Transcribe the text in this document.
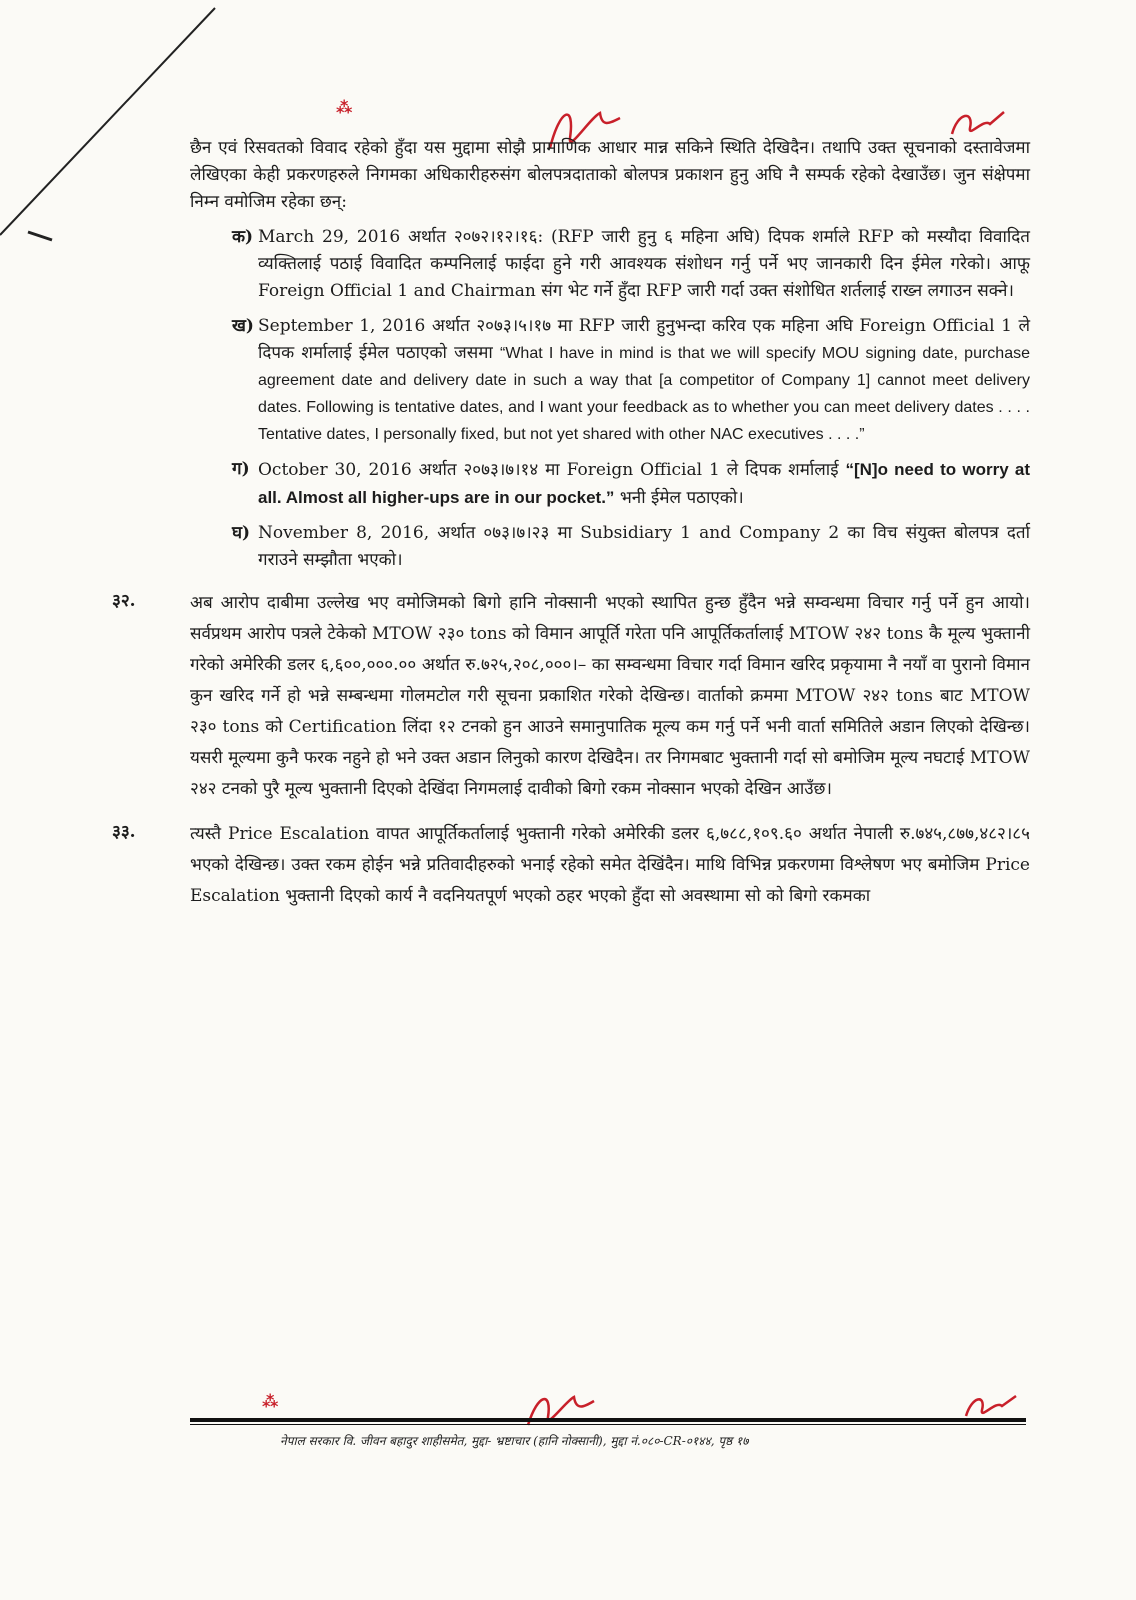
⁂

छैन एवं रिसवतको विवाद रहेको हुँदा यस मुद्दामा सोझै प्रामाणिक आधार मान्न सकिने स्थिति देखिदैन। तथापि उक्त सूचनाको दस्तावेजमा लेखिएका केही प्रकरणहरुले निगमका अधिकारीहरुसंग बोलपत्रदाताको बोलपत्र प्रकाशन हुनु अघि नै सम्पर्क रहेको देखाउँछ। जुन संक्षेपमा निम्न वमोजिम रहेका छन्:

क) March 29, 2016 अर्थात २०७२।१२।१६: (RFP जारी हुनु ६ महिना अघि) दिपक शर्माले RFP को मस्यौदा विवादित व्यक्तिलाई पठाई विवादित कम्पनिलाई फाईदा हुने गरी आवश्यक संशोधन गर्नु पर्ने भए जानकारी दिन ईमेल गरेको। आफू Foreign Official 1 and Chairman संग भेट गर्ने हुँदा RFP जारी गर्दा उक्त संशोधित शर्तलाई राख्न लगाउन सक्ने।
ख) September 1, 2016 अर्थात २०७३।५।१७ मा RFP जारी हुनुभन्दा करिव एक महिना अघि Foreign Official 1 ले दिपक शर्मालाई ईमेल पठाएको जसमा “What I have in mind is that we will specify MOU signing date, purchase agreement date and delivery date in such a way that [a competitor of Company 1] cannot meet delivery dates. Following is tentative dates, and I want your feedback as to whether you can meet delivery dates . . . . Tentative dates, I personally fixed, but not yet shared with other NAC executives . . . .”
ग) October 30, 2016 अर्थात २०७३।७।१४ मा Foreign Official 1 ले दिपक शर्मालाई “[N]o need to worry at all. Almost all higher-ups are in our pocket.” भनी ईमेल पठाएको।
घ) November 8, 2016, अर्थात ०७३।७।२३ मा Subsidiary 1 and Company 2 का विच संयुक्त बोलपत्र दर्ता गराउने सम्झौता भएको।
३२.	अब आरोप दाबीमा उल्लेख भए वमोजिमको बिगो हानि नोक्सानी भएको स्थापित हुन्छ हुँदैन भन्ने सम्वन्धमा विचार गर्नु पर्ने हुन आयो। सर्वप्रथम आरोप पत्रले टेकेको MTOW २३० tons को विमान आपूर्ति गरेता पनि आपूर्तिकर्तालाई MTOW २४२ tons कै मूल्य भुक्तानी गरेको अमेरिकी डलर ६,६००,०००.०० अर्थात रु.७२५,२०८,०००।– का सम्वन्धमा विचार गर्दा विमान खरिद प्रकृयामा नै नयाँ वा पुरानो विमान कुन खरिद गर्ने हो भन्ने सम्बन्धमा गोलमटोल गरी सूचना प्रकाशित गरेको देखिन्छ। वार्ताको क्रममा MTOW २४२ tons बाट MTOW २३० tons को Certification लिंदा १२ टनको हुन आउने समानुपातिक मूल्य कम गर्नु पर्ने भनी वार्ता समितिले अडान लिएको देखिन्छ। यसरी मूल्यमा कुनै फरक नहुने हो भने उक्त अडान लिनुको कारण देखिदैन। तर निगमबाट भुक्तानी गर्दा सो बमोजिम मूल्य नघटाई MTOW २४२ टनको पुरै मूल्य भुक्तानी दिएको देखिंदा निगमलाई दावीको बिगो रकम नोक्सान भएको देखिन आउँछ।
३३.	त्यस्तै Price Escalation वापत आपूर्तिकर्तालाई भुक्तानी गरेको अमेरिकी डलर ६,७८८,१०९.६० अर्थात नेपाली रु.७४५,८७७,४८२।८५ भएको देखिन्छ। उक्त रकम होईन भन्ने प्रतिवादीहरुको भनाई रहेको समेत देखिंदैन। माथि विभिन्न प्रकरणमा विश्लेषण भए बमोजिम Price Escalation भुक्तानी दिएको कार्य नै वदनियतपूर्ण भएको ठहर भएको हुँदा सो अवस्थामा सो को बिगो रकमका
⁂
नेपाल सरकार वि. जीवन बहादुर शाहीसमेत, मुद्दा- भ्रष्टाचार (हानि नोक्सानी), मुद्दा नं.०८०-CR-०१४४, पृष्ठ १७
